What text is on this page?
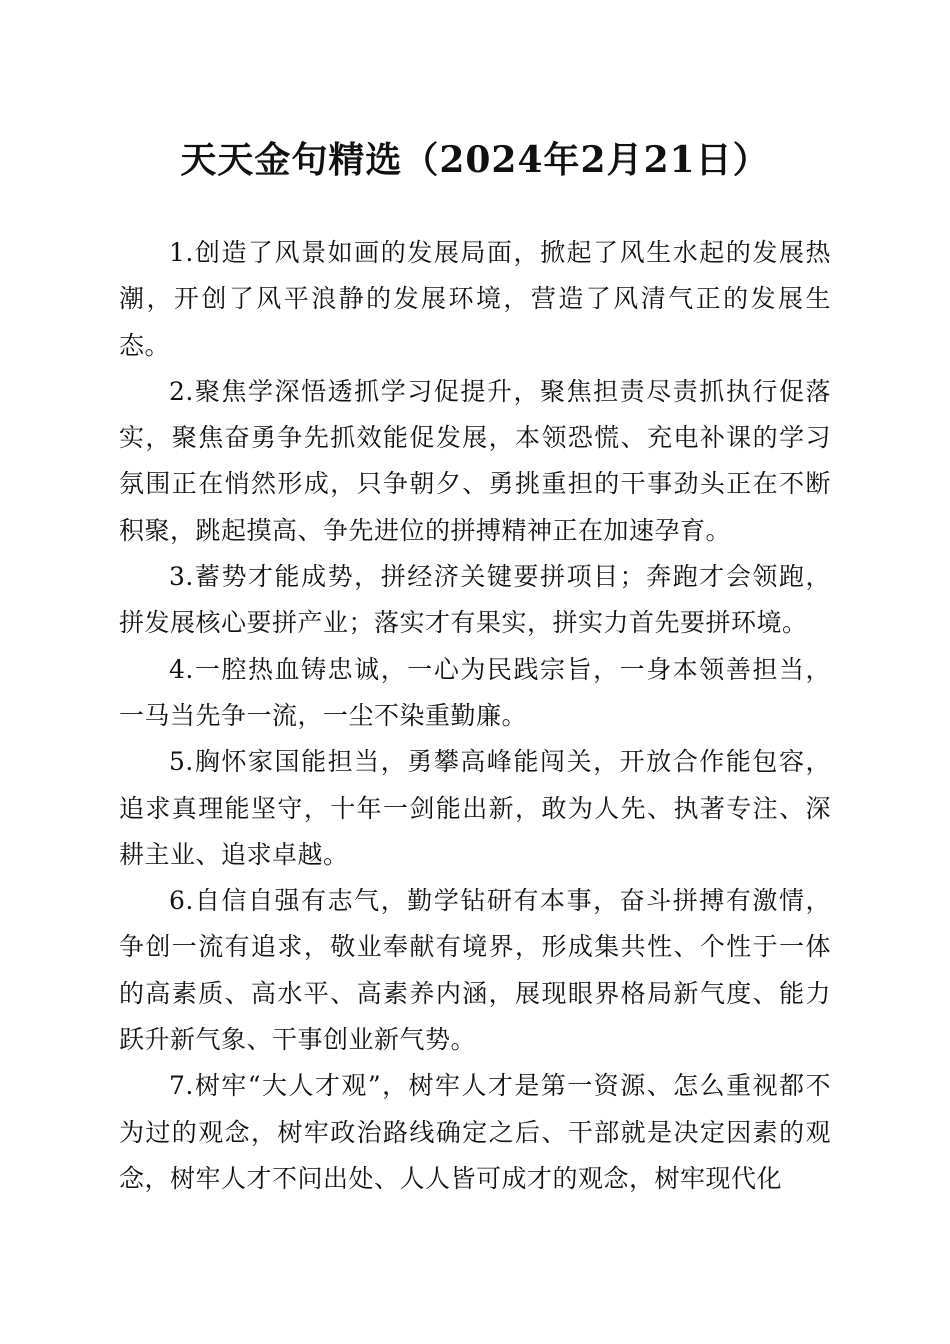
天天金句精选（2024年2月21日）

1.创造了风景如画的发展局面，掀起了风生水起的发展热潮，开创了风平浪静的发展环境，营造了风清气正的发展生态。

2.聚焦学深悟透抓学习促提升，聚焦担责尽责抓执行促落实，聚焦奋勇争先抓效能促发展，本领恐慌、充电补课的学习氛围正在悄然形成，只争朝夕、勇挑重担的干事劲头正在不断积聚，跳起摸高、争先进位的拼搏精神正在加速孕育。

3.蓄势才能成势，拼经济关键要拼项目；奔跑才会领跑，拼发展核心要拼产业；落实才有果实，拼实力首先要拼环境。

4.一腔热血铸忠诚，一心为民践宗旨，一身本领善担当，一马当先争一流，一尘不染重勤廉。

5.胸怀家国能担当，勇攀高峰能闯关，开放合作能包容，追求真理能坚守，十年一剑能出新，敢为人先、执著专注、深耕主业、追求卓越。

6.自信自强有志气，勤学钻研有本事，奋斗拼搏有激情，争创一流有追求，敬业奉献有境界，形成集共性、个性于一体的高素质、高水平、高素养内涵，展现眼界格局新气度、能力跃升新气象、干事创业新气势。

7.树牢“大人才观”，树牢人才是第一资源、怎么重视都不为过的观念，树牢政治路线确定之后、干部就是决定因素的观念，树牢人才不问出处、人人皆可成才的观念，树牢现代化
